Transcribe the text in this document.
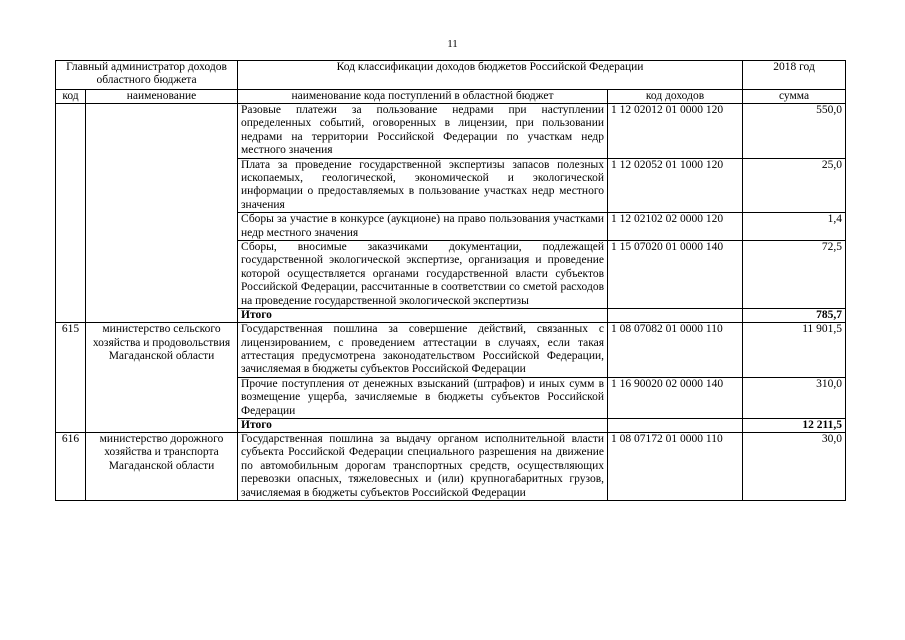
11
Главный администратор доходов областного бюджета		Код классификации доходов бюджетов Российской Федерации		2018 год
код	наименование	наименование кода поступлений в областной бюджет	код доходов	сумма
		Разовые платежи за пользование недрами при наступлении определенных событий, оговоренных в лицензии, при пользовании недрами на территории Российской Федерации по участкам недр местного значения	1 12 02012 01 0000 120	550,0
		Плата за проведение государственной экспертизы запасов полезных ископаемых, геологической, экономической и экологической информации о предоставляемых в пользование участках недр местного значения	1 12 02052 01 1000 120	25,0
		Сборы за участие в конкурсе (аукционе) на право пользования участками недр местного значения	1 12 02102 02 0000 120	1,4
		Сборы, вносимые заказчиками документации, подлежащей государственной экологической экспертизе, организация и проведение которой осуществляется органами государственной власти субъектов Российской Федерации, рассчитанные в соответствии со сметой расходов на проведение государственной экологической экспертизы	1 15 07020 01 0000 140	72,5
		Итого		785,7
615	министерство сельского хозяйства и продовольствия Магаданской области	Государственная пошлина за совершение действий, связанных с лицензированием, с проведением аттестации в случаях, если такая аттестация предусмотрена законодательством Российской Федерации, зачисляемая в бюджеты субъектов Российской Федерации	1 08 07082 01 0000 110	11 901,5
		Прочие поступления от денежных взысканий (штрафов) и иных сумм в возмещение ущерба, зачисляемые в бюджеты субъектов Российской Федерации	1 16 90020 02 0000 140	310,0
		Итого		12 211,5
616	министерство дорожного хозяйства и транспорта Магаданской области	Государственная пошлина за выдачу органом исполнительной власти субъекта Российской Федерации специального разрешения на движение по автомобильным дорогам транспортных средств, осуществляющих перевозки опасных, тяжеловесных и (или) крупногабаритных грузов, зачисляемая в бюджеты субъектов Российской Федерации	1 08 07172 01 0000 110	30,0
